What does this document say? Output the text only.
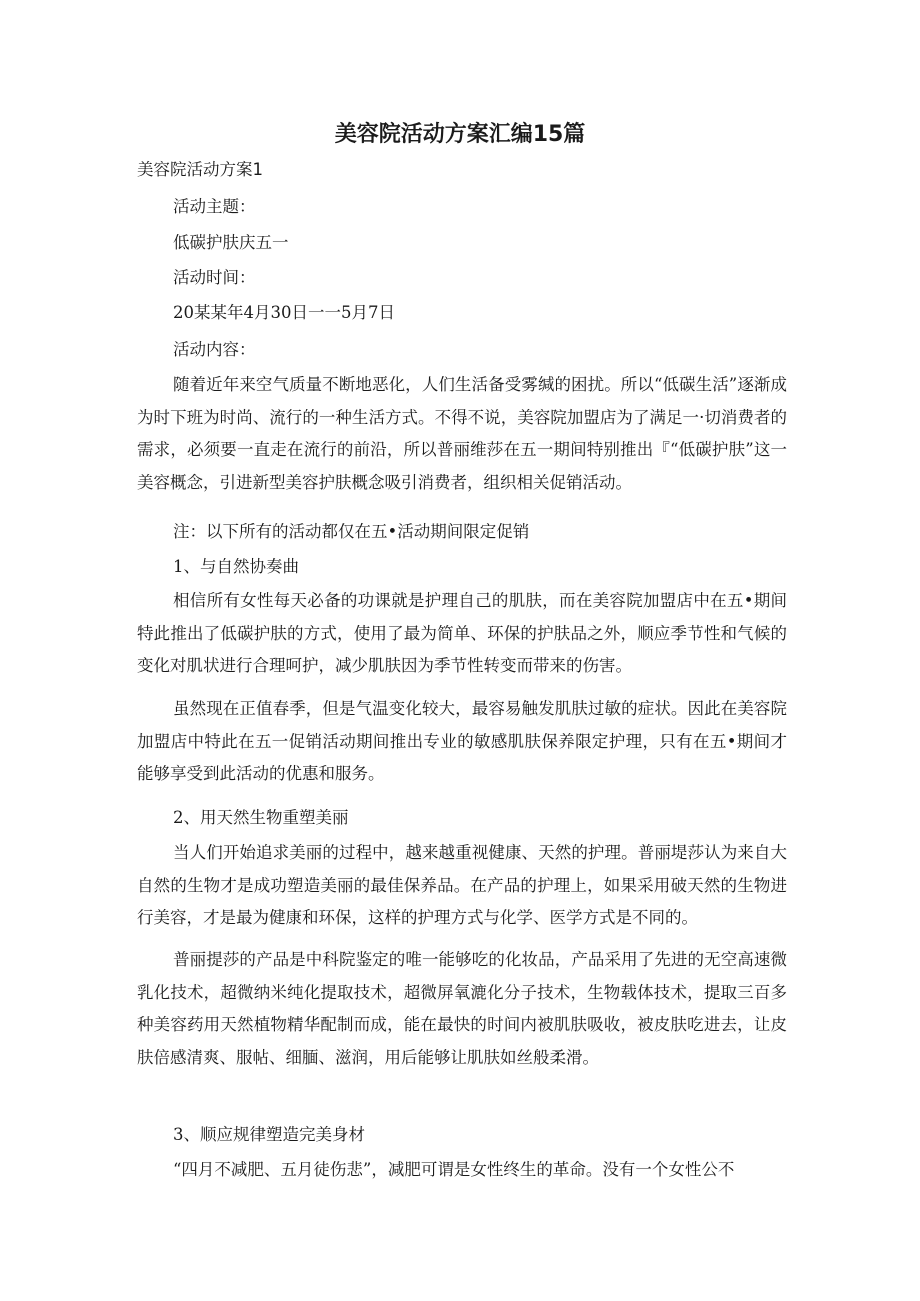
美容院活动方案汇编15篇
美容院活动方案1
活动主题：
低碳护肤庆五一
活动时间：
20某某年4月30日一一5月7日
活动内容：
随着近年来空气质量不断地恶化，人们生活备受雾缄的困扰。所以“低碳生活”逐渐成为时下班为时尚、流行的一种生活方式。不得不说，美容院加盟店为了满足一·切消费者的需求，必须要一直走在流行的前沿，所以普丽维莎在五一期间特别推出『“低碳护肤”这一美容概念，引进新型美容护肤概念吸引消费者，组织相关促销活动。
注：以下所有的活动都仅在五•活动期间限定促销
1、与自然协奏曲
相信所有女性每天必备的功课就是护理自己的肌肤，而在美容院加盟店中在五•期间特此推出了低碳护肤的方式，使用了最为简单、环保的护肤品之外，顺应季节性和气候的变化对肌状进行合理呵护，减少肌肤因为季节性转变而带来的伤害。
虽然现在正值春季，但是气温变化较大，最容易触发肌肤过敏的症状。因此在美容院加盟店中特此在五一促销活动期间推出专业的敏感肌肤保养限定护理，只有在五•期间才能够享受到此活动的优惠和服务。
2、用天然生物重塑美丽
当人们开始追求美丽的过程中，越来越重视健康、天然的护理。普丽堤莎认为来自大自然的生物才是成功塑造美丽的最佳保养品。在产品的护理上，如果采用破天然的生物进行美容，才是最为健康和环保，这样的护理方式与化学、医学方式是不同的。
普丽提莎的产品是中科院鉴定的唯一能够吃的化妆品，产品采用了先进的无空高速微乳化技术，超微纳米纯化提取技术，超微屏氧漉化分子技术，生物载体技术，提取三百多种美容药用天然植物精华配制而成，能在最快的时间内被肌肤吸收，被皮肤吃进去，让皮肤倍感清爽、服帖、细腼、滋润，用后能够让肌肤如丝般柔滑。
3、顺应规律塑造完美身材
“四月不减肥、五月徒伤悲”，减肥可谓是女性终生的革命。没有一个女性公不
